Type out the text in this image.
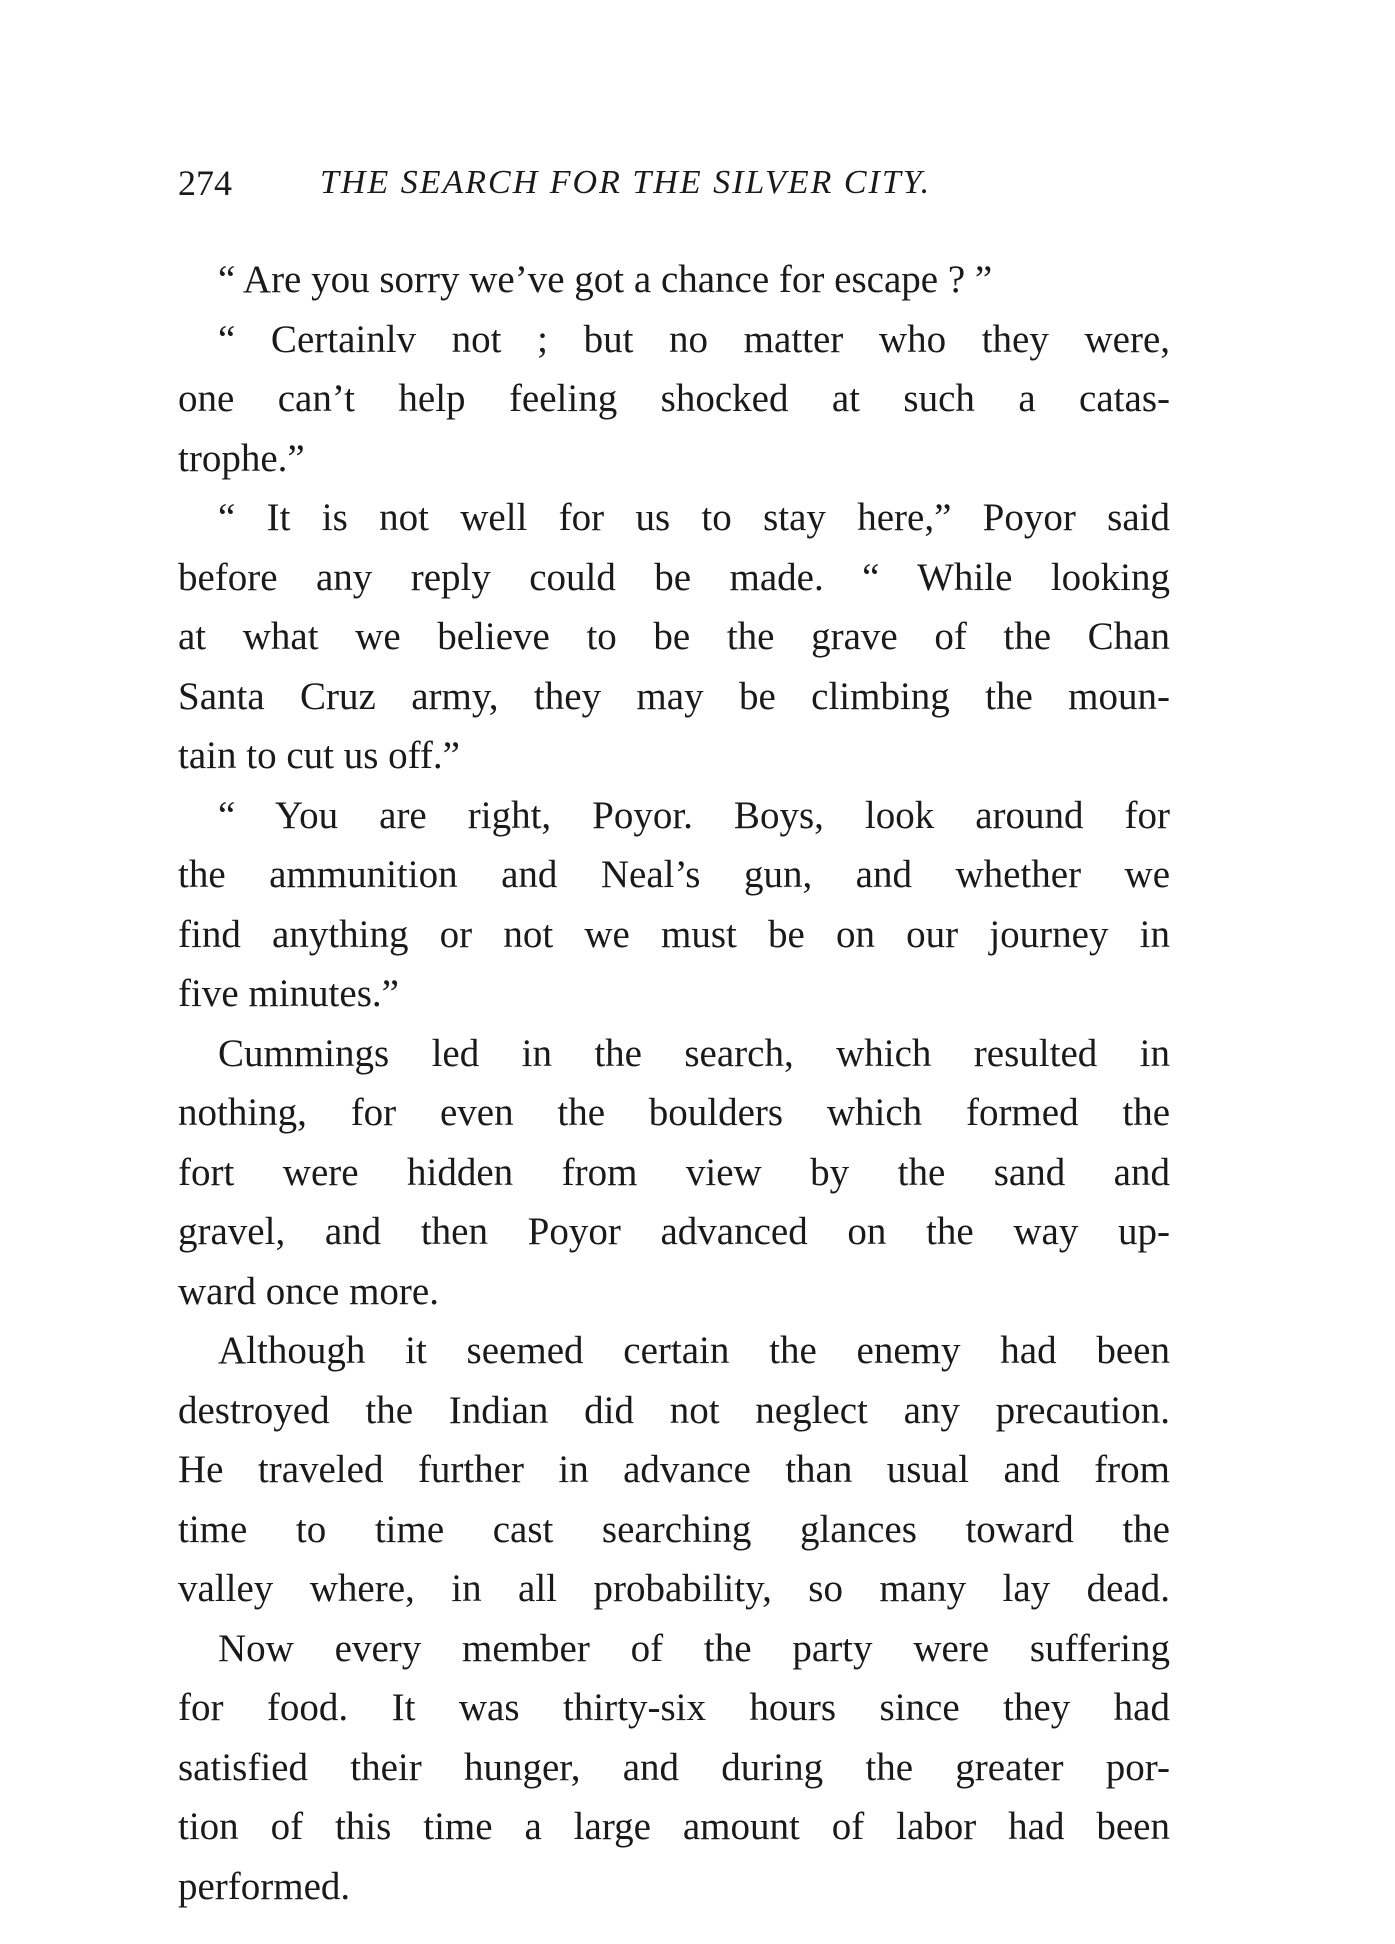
274	THE SEARCH FOR THE SILVER CITY.
“ Are you sorry we’ve got a chance for escape ? ”
“ Certainlv not ; but no matter who they were,
one can’t help feeling shocked at such a catas-
trophe.”
“ It is not well for us to stay here,” Poyor said
before any reply could be made. “ While looking
at what we believe to be the grave of the Chan
Santa Cruz army, they may be climbing the moun-
tain to cut us off.”
“ You are right, Poyor. Boys, look around for
the ammunition and Neal’s gun, and whether we
find anything or not we must be on our journey in
five minutes.”
Cummings led in the search, which resulted in
nothing, for even the boulders which formed the
fort were hidden from view by the sand and
gravel, and then Poyor advanced on the way up-
ward once more.
Although it seemed certain the enemy had been
destroyed the Indian did not neglect any precaution.
He traveled further in advance than usual and from
time to time cast searching glances toward the
valley where, in all probability, so many lay dead.
Now every member of the party were suffering
for food. It was thirty-six hours since they had
satisfied their hunger, and during the greater por-
tion of this time a large amount of labor had been
performed.
